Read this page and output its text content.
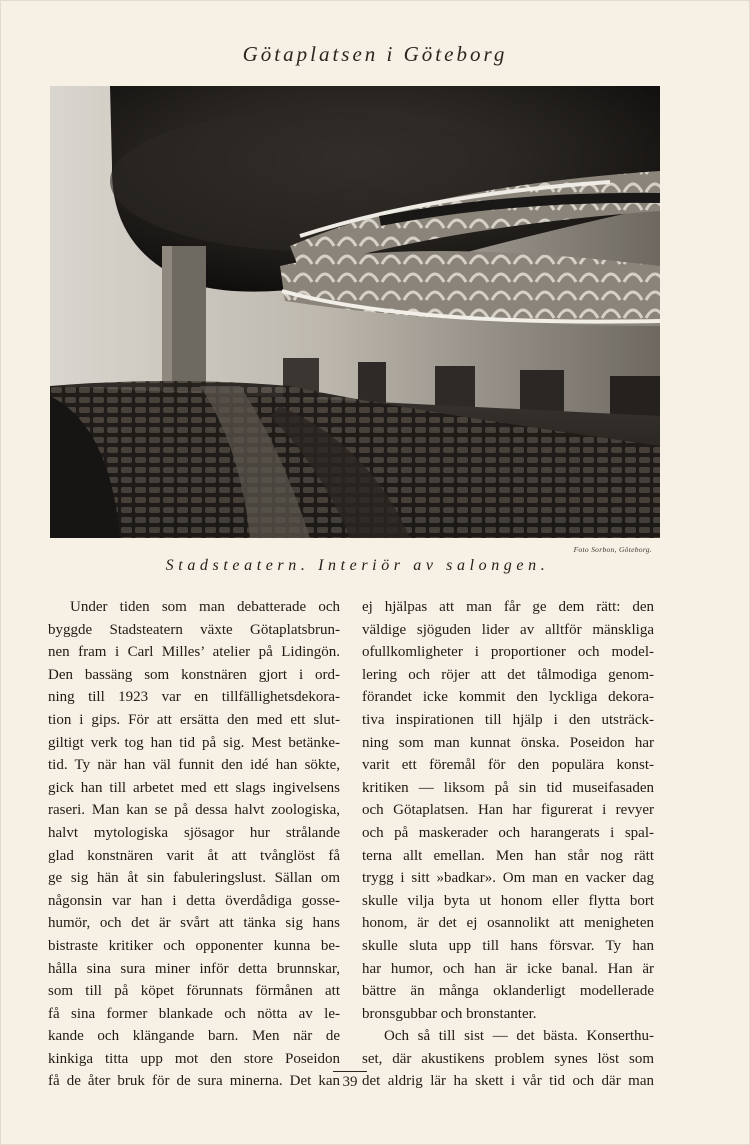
Götaplatsen i Göteborg
Foto Sorbon, Göteborg.
Stadsteatern. Interiör av salongen.
Under tiden som man debatterade och
byggde Stadsteatern växte Götaplatsbrun-
nen fram i Carl Milles’ atelier på Lidingön.
Den bassäng som konstnären gjort i ord-
ning till 1923 var en tillfällighetsdekora-
tion i gips. För att ersätta den med ett slut-
giltigt verk tog han tid på sig. Mest betänke-
tid. Ty när han väl funnit den idé han sökte,
gick han till arbetet med ett slags ingivelsens
raseri. Man kan se på dessa halvt zoologiska,
halvt mytologiska sjösagor hur strålande
glad konstnären varit åt att tvånglöst få
ge sig hän åt sin fabuleringslust. Sällan om
någonsin var han i detta överdådiga gosse-
humör, och det är svårt att tänka sig hans
bistraste kritiker och opponenter kunna be-
hålla sina sura miner inför detta brunnskar,
som till på köpet förunnats förmånen att
få sina former blankade och nötta av le-
kande och klängande barn. Men när de
kinkiga titta upp mot den store Poseidon
få de åter bruk för de sura minerna. Det kan
ej hjälpas att man får ge dem rätt: den
väldige sjöguden lider av alltför mänskliga
ofullkomligheter i proportioner och model-
lering och röjer att det tålmodiga genom-
förandet icke kommit den lyckliga dekora-
tiva inspirationen till hjälp i den utsträck-
ning som man kunnat önska. Poseidon har
varit ett föremål för den populära konst-
kritiken — liksom på sin tid museifasaden
och Götaplatsen. Han har figurerat i revyer
och på maskerader och harangerats i spal-
terna allt emellan. Men han står nog rätt
trygg i sitt »badkar». Om man en vacker dag
skulle vilja byta ut honom eller flytta bort
honom, är det ej osannolikt att menigheten
skulle sluta upp till hans försvar. Ty han
har humor, och han är icke banal. Han är
bättre än många oklanderligt modellerade
bronsgubbar och bronstanter.
Och så till sist — det bästa. Konserthu-
set, där akustikens problem synes löst som
det aldrig lär ha skett i vår tid och där man
39
